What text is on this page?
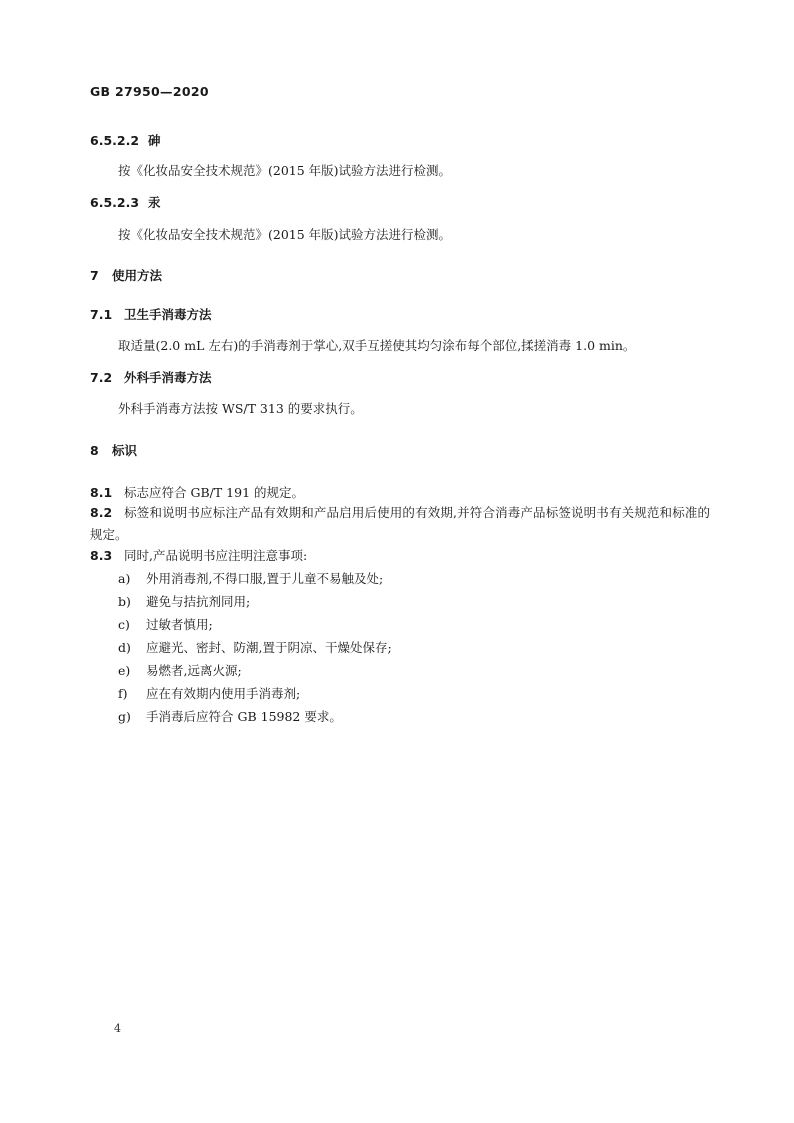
GB 27950—2020
6.5.2.2 砷
按《化妆品安全技术规范》(2015 年版)试验方法进行检测。
6.5.2.3 汞
按《化妆品安全技术规范》(2015 年版)试验方法进行检测。
7 使用方法
7.1 卫生手消毒方法
取适量(2.0 mL 左右)的手消毒剂于掌心,双手互搓使其均匀涂布每个部位,揉搓消毒 1.0 min。
7.2 外科手消毒方法
外科手消毒方法按 WS/T 313 的要求执行。
8 标识
8.1 标志应符合 GB/T 191 的规定。
8.2 标签和说明书应标注产品有效期和产品启用后使用的有效期,并符合消毒产品标签说明书有关规范和标准的规定。
8.3 同时,产品说明书应注明注意事项:
a) 外用消毒剂,不得口服,置于儿童不易触及处;
b) 避免与拮抗剂同用;
c) 过敏者慎用;
d) 应避光、密封、防潮,置于阴凉、干燥处保存;
e) 易燃者,远离火源;
f) 应在有效期内使用手消毒剂;
g) 手消毒后应符合 GB 15982 要求。
4
